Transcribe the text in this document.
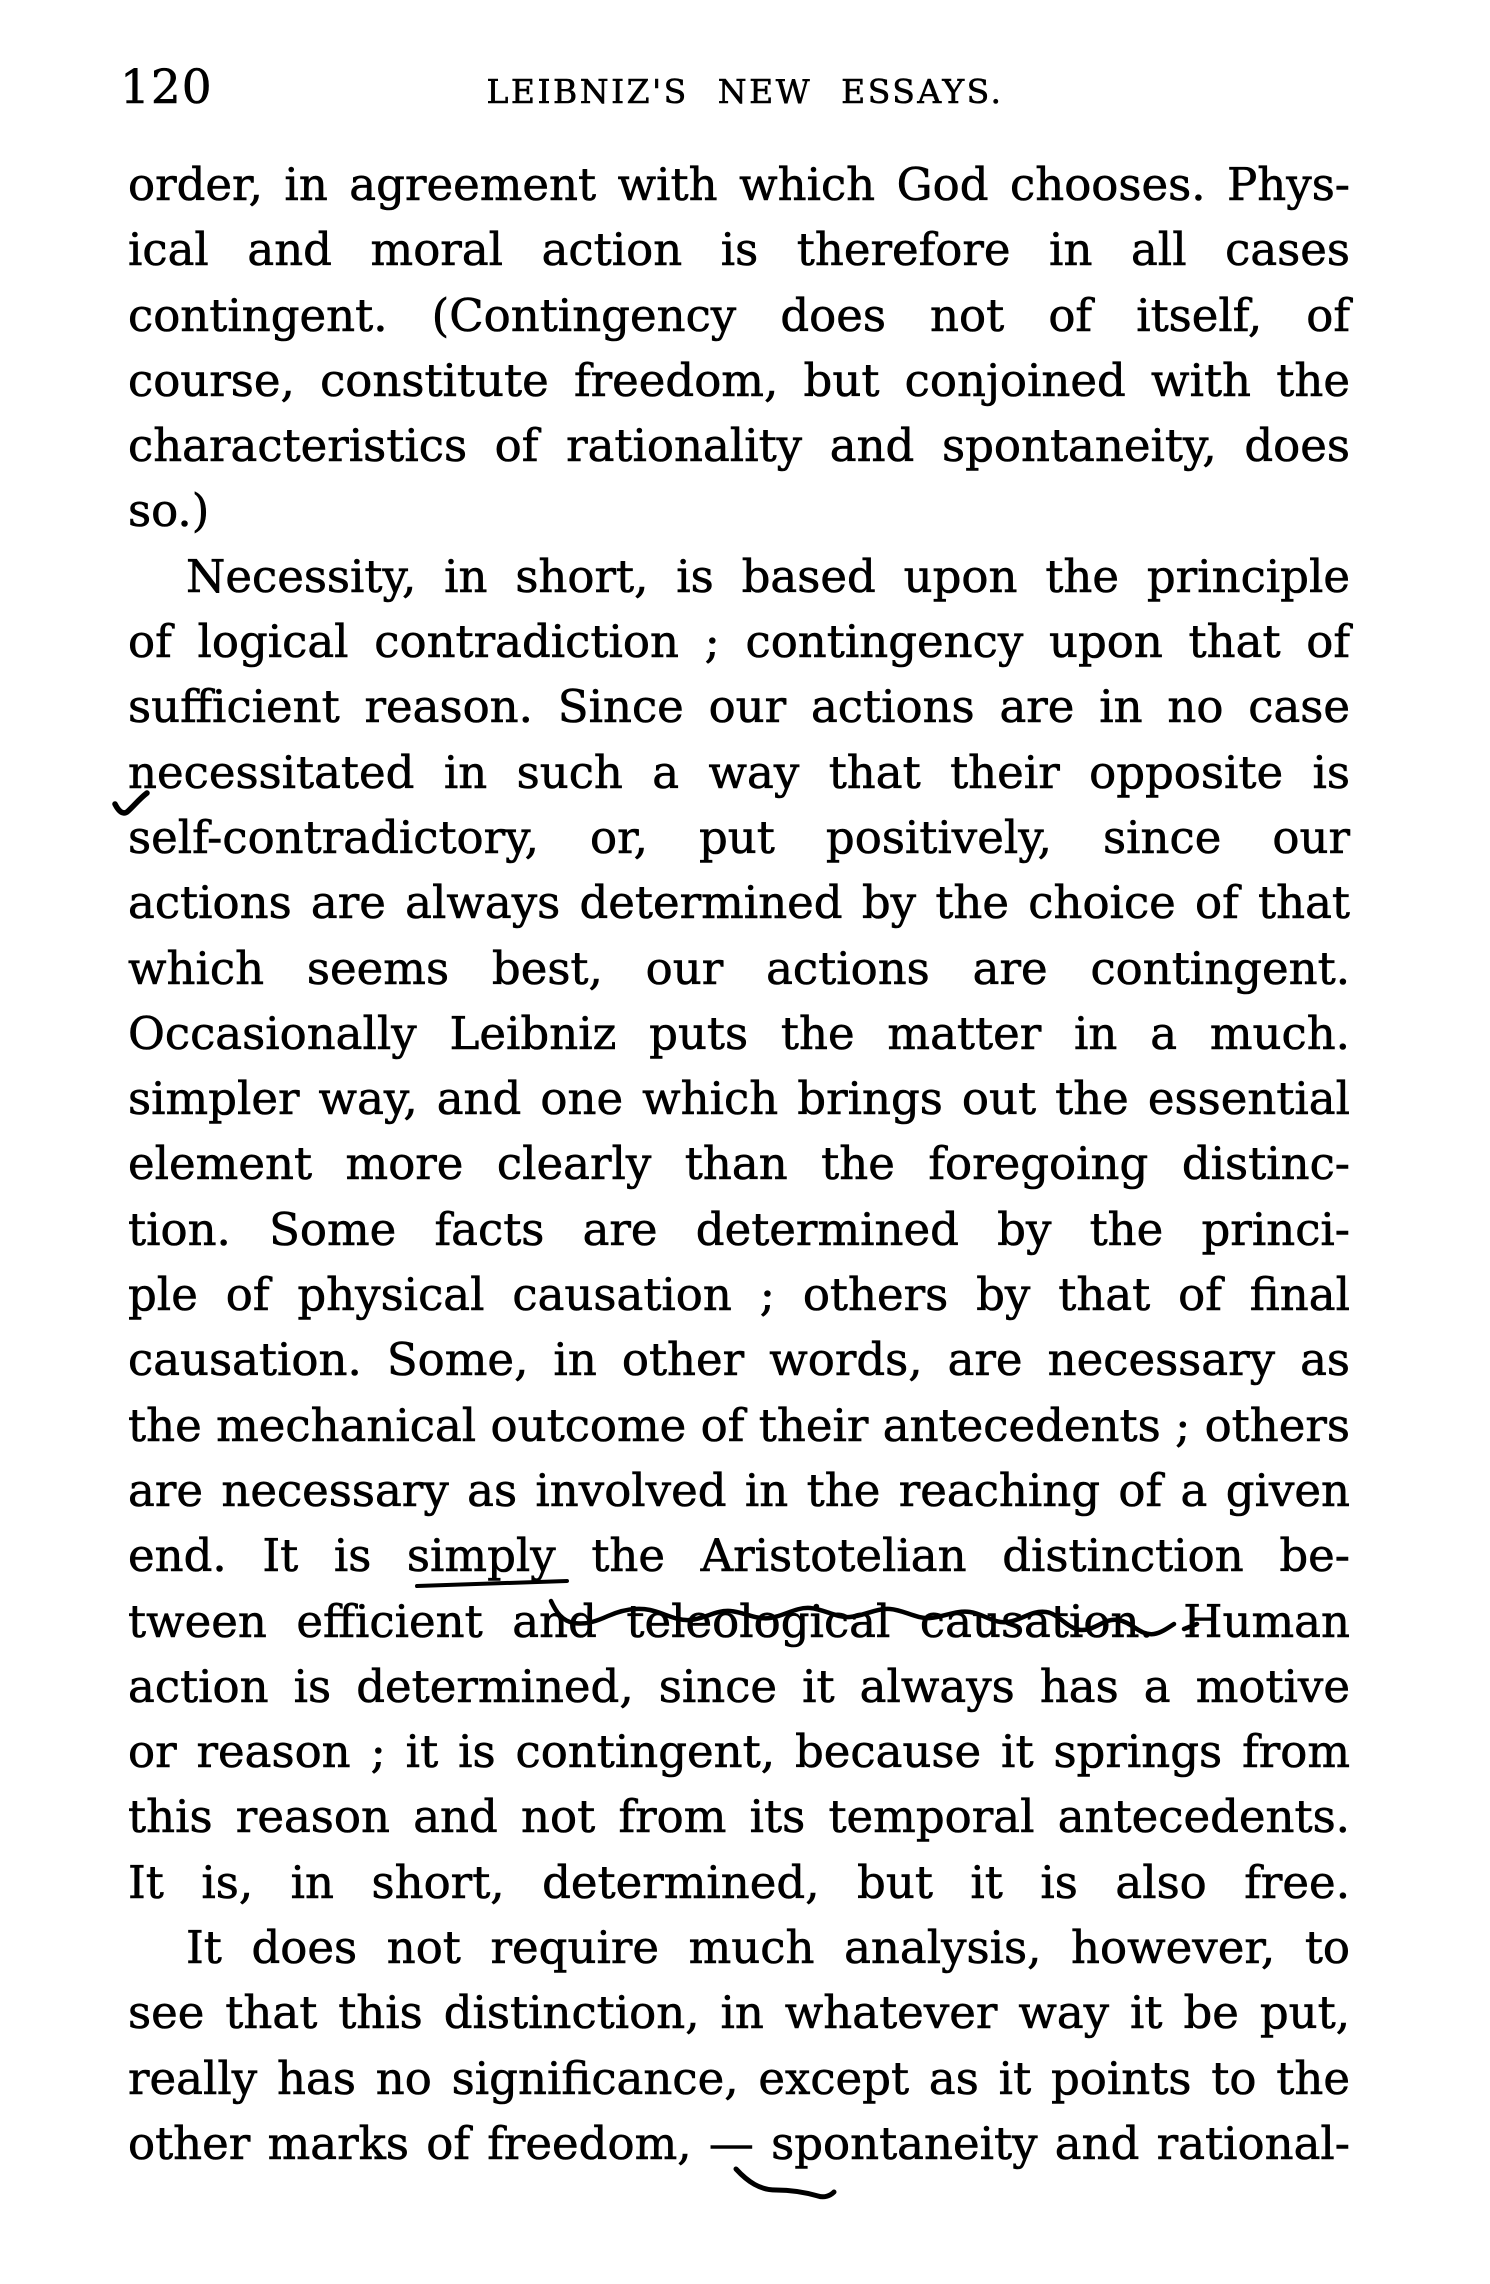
120	LEIBNIZ'S NEW ESSAYS.
order, in agreement with which God chooses. Phys-
ical and moral action is therefore in all cases
contingent. (Contingency does not of itself, of
course, constitute freedom, but conjoined with the
characteristics of rationality and spontaneity, does
so.)
Necessity, in short, is based upon the principle
of logical contradiction ; contingency upon that of
sufficient reason. Since our actions are in no case
necessitated in such a way that their opposite is
self-contradictory, or, put positively, since our
actions are always determined by the choice of that
which seems best, our actions are contingent.
Occasionally Leibniz puts the matter in a much.
simpler way, and one which brings out the essential
element more clearly than the foregoing distinc-
tion. Some facts are determined by the princi-
ple of physical causation ; others by that of final
causation. Some, in other words, are necessary as
the mechanical outcome of their antecedents ; others
are necessary as involved in the reaching of a given
end. It is simply the Aristotelian distinction be-
tween efficient and teleological causation. Human
action is determined, since it always has a motive
or reason ; it is contingent, because it springs from
this reason and not from its temporal antecedents.
It is, in short, determined, but it is also free.
It does not require much analysis, however, to
see that this distinction, in whatever way it be put,
really has no significance, except as it points to the
other marks of freedom, — spontaneity and rational-
